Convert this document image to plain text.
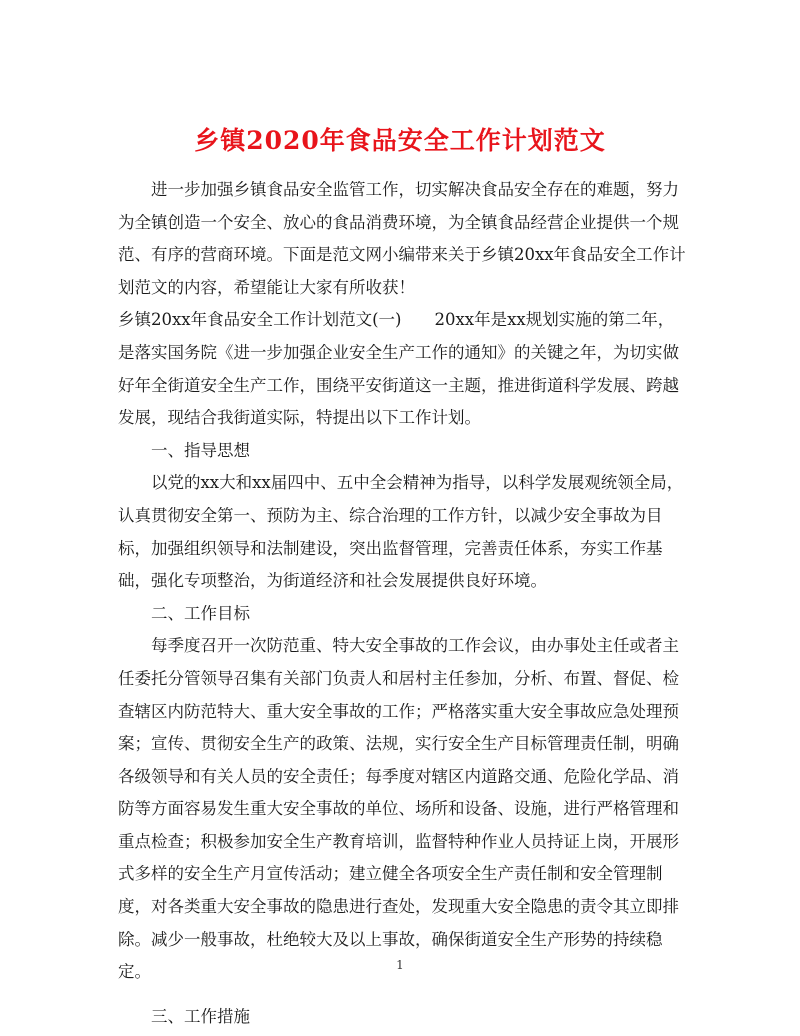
乡镇2020年食品安全工作计划范文

进一步加强乡镇食品安全监管工作，切实解决食品安全存在的难题，努力为全镇创造一个安全、放心的食品消费环境，为全镇食品经营企业提供一个规范、有序的营商环境。下面是范文网小编带来关于乡镇20xx年食品安全工作计划范文的内容，希望能让大家有所收获！

乡镇20xx年食品安全工作计划范文(一)　　20xx年是xx规划实施的第二年，是落实国务院《进一步加强企业安全生产工作的通知》的关键之年，为切实做好年全街道安全生产工作，围绕平安街道这一主题，推进街道科学发展、跨越发展，现结合我街道实际，特提出以下工作计划。

一、指导思想

以党的xx大和xx届四中、五中全会精神为指导，以科学发展观统领全局，认真贯彻安全第一、预防为主、综合治理的工作方针，以减少安全事故为目标，加强组织领导和法制建设，突出监督管理，完善责任体系，夯实工作基础，强化专项整治，为街道经济和社会发展提供良好环境。

二、工作目标

每季度召开一次防范重、特大安全事故的工作会议，由办事处主任或者主任委托分管领导召集有关部门负责人和居村主任参加，分析、布置、督促、检查辖区内防范特大、重大安全事故的工作；严格落实重大安全事故应急处理预案；宣传、贯彻安全生产的政策、法规，实行安全生产目标管理责任制，明确各级领导和有关人员的安全责任；每季度对辖区内道路交通、危险化学品、消防等方面容易发生重大安全事故的单位、场所和设备、设施，进行严格管理和重点检查；积极参加安全生产教育培训，监督特种作业人员持证上岗，开展形式多样的安全生产月宣传活动；建立健全各项安全生产责任制和安全管理制度，对各类重大安全事故的隐患进行查处，发现重大安全隐患的责令其立即排除。减少一般事故，杜绝较大及以上事故，确保街道安全生产形势的持续稳定。

三、工作措施

1
